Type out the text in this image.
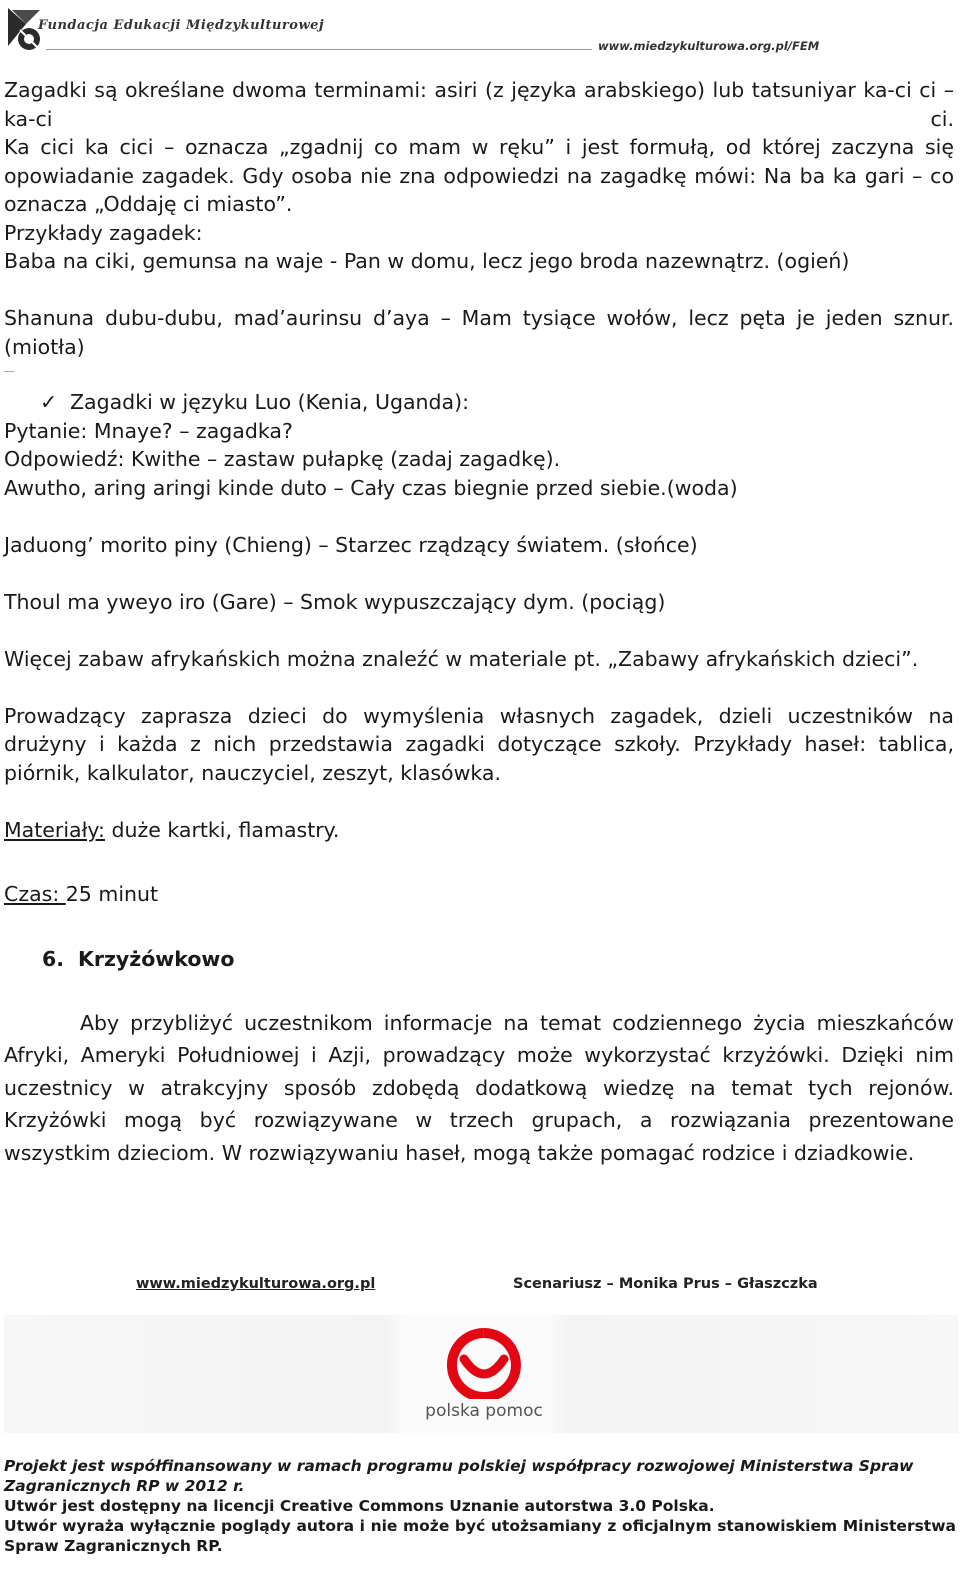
Fundacja Edukacji Międzykulturowej
www.miedzykulturowa.org.pl/FEM

Zagadki są określane dwoma terminami: asiri (z języka arabskiego) lub tatsuniyar ka-ci ci – ka-ci ci.

Ka cici ka cici – oznacza „zgadnij co mam w ręku” i jest formułą, od której zaczyna się opowiadanie zagadek. Gdy osoba nie zna odpowiedzi na zagadkę mówi: Na ba ka gari – co oznacza „Oddaję ci miasto”.

Przykłady zagadek:

Baba na ciki, gemunsa na waje - Pan w domu, lecz jego broda nazewnątrz. (ogień)

Shanuna dubu-dubu, mad’aurinsu d’aya – Mam tysiące wołów, lecz pęta je jeden sznur. (miotła)

✓ Zagadki w języku Luo (Kenia, Uganda):

Pytanie: Mnaye? – zagadka?

Odpowiedź: Kwithe – zastaw pułapkę (zadaj zagadkę).

Awutho, aring aringi kinde duto – Cały czas biegnie przed siebie.(woda)

Jaduong’ morito piny (Chieng) – Starzec rządzący światem. (słońce)

Thoul ma yweyo iro (Gare) – Smok wypuszczający dym. (pociąg)

Więcej zabaw afrykańskich można znaleźć w materiale pt. „Zabawy afrykańskich dzieci”.

Prowadzący zaprasza dzieci do wymyślenia własnych zagadek, dzieli uczestników na drużyny i każda z nich przedstawia zagadki dotyczące szkoły. Przykłady haseł: tablica, piórnik, kalkulator, nauczyciel, zeszyt, klasówka.

Materiały: duże kartki, flamastry.

Czas: 25 minut

6. Krzyżówkowo

Aby przybliżyć uczestnikom informacje na temat codziennego życia mieszkańców Afryki, Ameryki Południowej i Azji, prowadzący może wykorzystać krzyżówki. Dzięki nim uczestnicy w atrakcyjny sposób zdobędą dodatkową wiedzę na temat tych rejonów. Krzyżówki mogą być rozwiązywane w trzech grupach, a rozwiązania prezentowane wszystkim dzieciom. W rozwiązywaniu haseł, mogą także pomagać rodzice i dziadkowie.

www.miedzykulturowa.org.pl	Scenariusz – Monika Prus – Głaszczka
polska pomoc

Projekt jest współfinansowany w ramach programu polskiej współpracy rozwojowej Ministerstwa Spraw Zagranicznych RP w 2012 r.

Utwór jest dostępny na licencji Creative Commons Uznanie autorstwa 3.0 Polska.

Utwór wyraża wyłącznie poglądy autora i nie może być utożsamiany z oficjalnym stanowiskiem Ministerstwa Spraw Zagranicznych RP.
